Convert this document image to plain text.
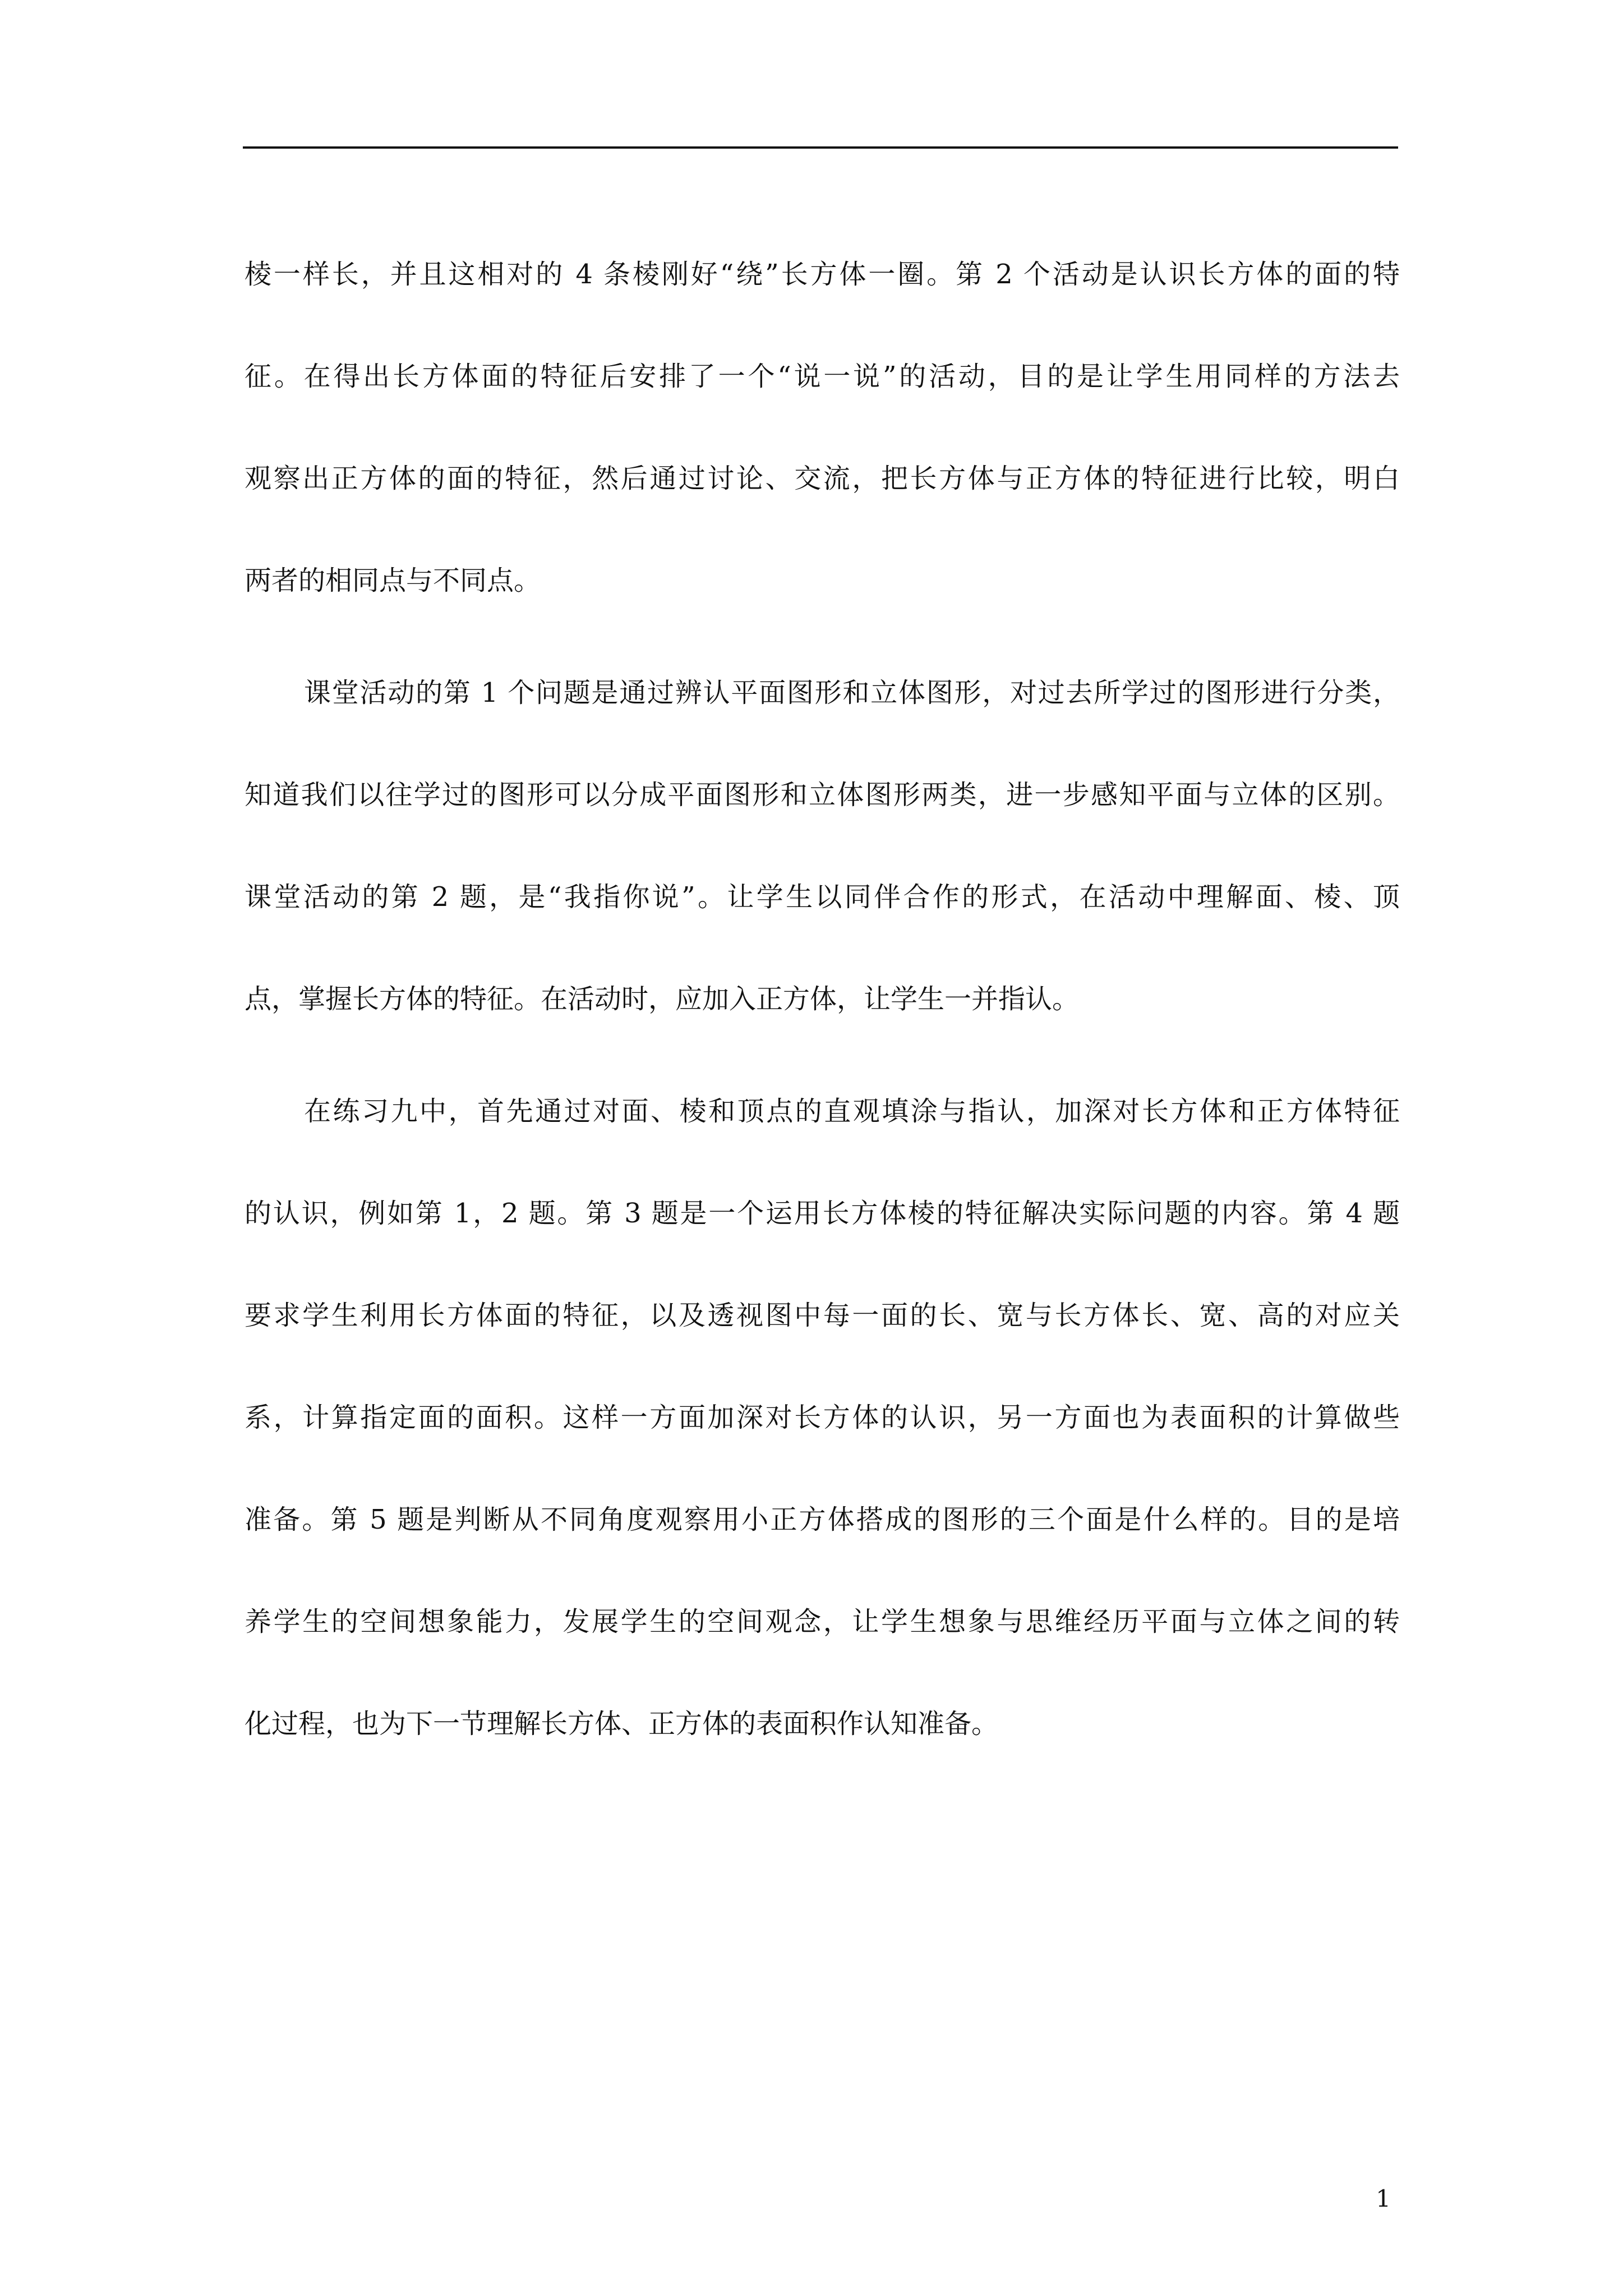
棱一样长，并且这相对的 4 条棱刚好“绕”长方体一圈。第 2 个活动是认识长方体的面的特
征。在得出长方体面的特征后安排了一个“说一说”的活动，目的是让学生用同样的方法去
观察出正方体的面的特征，然后通过讨论、交流，把长方体与正方体的特征进行比较，明白
两者的相同点与不同点。
课堂活动的第 1 个问题是通过辨认平面图形和立体图形，对过去所学过的图形进行分类，
知道我们以往学过的图形可以分成平面图形和立体图形两类，进一步感知平面与立体的区别。
课堂活动的第 2 题，是“我指你说”。让学生以同伴合作的形式，在活动中理解面、棱、顶
点，掌握长方体的特征。在活动时，应加入正方体，让学生一并指认。
在练习九中，首先通过对面、棱和顶点的直观填涂与指认，加深对长方体和正方体特征
的认识，例如第 1，2 题。第 3 题是一个运用长方体棱的特征解决实际问题的内容。第 4 题
要求学生利用长方体面的特征，以及透视图中每一面的长、宽与长方体长、宽、高的对应关
系，计算指定面的面积。这样一方面加深对长方体的认识，另一方面也为表面积的计算做些
准备。第 5 题是判断从不同角度观察用小正方体搭成的图形的三个面是什么样的。目的是培
养学生的空间想象能力，发展学生的空间观念，让学生想象与思维经历平面与立体之间的转
化过程，也为下一节理解长方体、正方体的表面积作认知准备。
1
